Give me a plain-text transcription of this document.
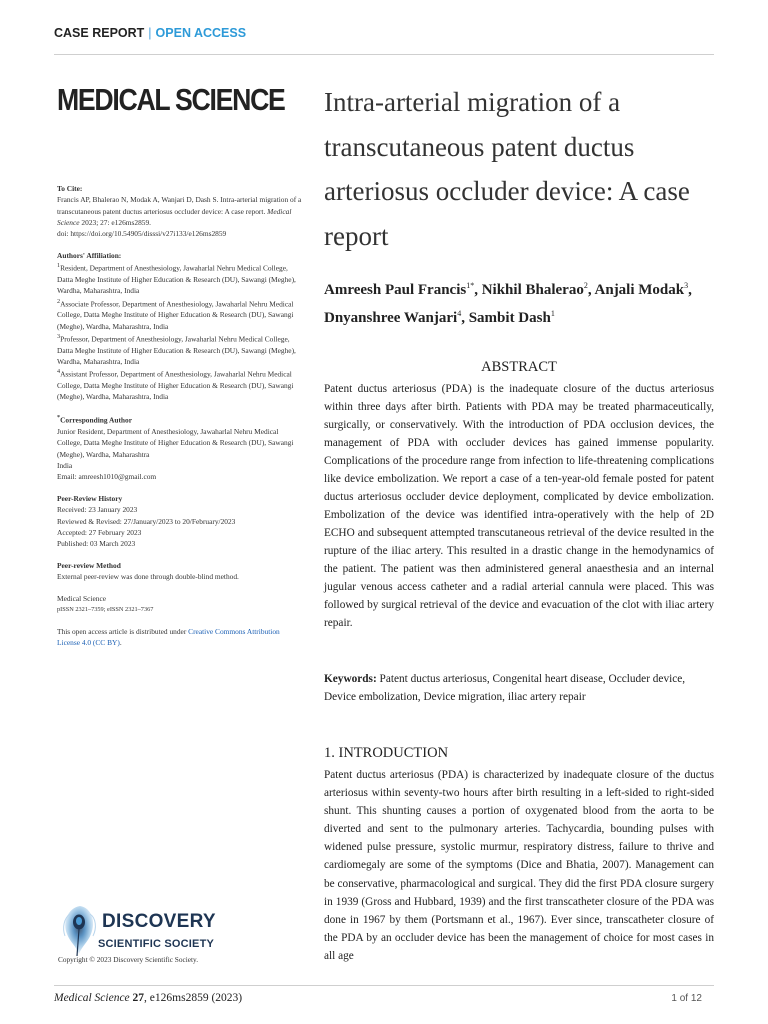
CASE REPORT | OPEN ACCESS
MEDICAL SCIENCE Intra-arterial migration of a transcutaneous patent ductus arteriosus occluder device: A case report
Amreesh Paul Francis$^{1*}$, Nikhil Bhalerao$^2$, Anjali Modak$^3$, Dnyanshree Wanjari$^4$, Sambit Dash$^1$

To Cite:

Francis AP, Bhalerao N, Modak A, Wanjari D, Dash S. Intra-arterial migration of a transcutaneous patent ductus arteriosus occluder device: A case report. Medical Science 2023; 27: e126ms2859.

doi: https://doi.org/10.54905/disssi/v27i133/e126ms2859

Authors' Affiliation:

$^1$Resident, Department of Anesthesiology, Jawaharlal Nehru Medical College, Datta Meghe Institute of Higher Education & Research (DU), Sawangi (Meghe), Wardha, Maharashtra, India

$^2$Associate Professor, Department of Anesthesiology, Jawaharlal Nehru Medical College, Datta Meghe Institute of Higher Education & Research (DU), Sawangi (Meghe), Wardha, Maharashtra, India

$^3$Professor, Department of Anesthesiology, Jawaharlal Nehru Medical College, Datta Meghe Institute of Higher Education & Research (DU), Sawangi (Meghe), Wardha, Maharashtra, India

$^4$Assistant Professor, Department of Anesthesiology, Jawaharlal Nehru Medical College, Datta Meghe Institute of Higher Education & Research (DU), Sawangi (Meghe), Wardha, Maharashtra, India

*Corresponding Author

Junior Resident, Department of Anesthesiology, Jawaharlal Nehru Medical College, Datta Meghe Institute of Higher Education & Research (DU), Sawangi (Meghe), Wardha, Maharashtra

India

Email: amreesh1010@gmail.com

Peer-Review History

Received: 23 January 2023

Reviewed & Revised: 27/January/2023 to 20/February/2023

Accepted: 27 February 2023

Published: 03 March 2023

Peer-review Method

External peer-review was done through double-blind method.

Medical Science

pISSN 2321–7359; eISSN 2321–7367

This open access article is distributed under Creative Commons Attribution License 4.0 (CC BY).

ABSTRACT

Patent ductus arteriosus (PDA) is the inadequate closure of the ductus arteriosus within three days after birth. Patients with PDA may be treated pharmaceutically, surgically, or conservatively. With the introduction of PDA occlusion devices, the management of PDA with occluder devices has gained immense popularity. Complications of the procedure range from infection to life-threatening complications like device embolization. We report a case of a ten-year-old female posted for patent ductus arteriosus occluder device deployment, complicated by device embolization. Embolization of the device was identified intra-operatively with the help of 2D ECHO and subsequent attempted transcutaneous retrieval of the device resulted in the rupture of the iliac artery. This resulted in a drastic change in the hemodynamics of the patient. The patient was then administered general anaesthesia and an internal jugular venous access catheter and a radial arterial cannula were placed. This was followed by surgical retrieval of the device and evacuation of the clot with iliac artery repair.

Keywords: Patent ductus arteriosus, Congenital heart disease, Occluder device, Device embolization, Device migration, iliac artery repair

1. INTRODUCTION

Patent ductus arteriosus (PDA) is characterized by inadequate closure of the ductus arteriosus within seventy-two hours after birth resulting in a left-sided to right-sided shunt. This shunting causes a portion of oxygenated blood from the aorta to be diverted and sent to the pulmonary arteries. Tachycardia, bounding pulses with widened pulse pressure, systolic murmur, respiratory distress, failure to thrive and cardiomegaly are some of the symptoms (Dice and Bhatia, 2007). Management can be conservative, pharmacological and surgical. They did the first PDA closure surgery in 1939 (Gross and Hubbard, 1939) and the first transcatheter closure of the PDA was done in 1967 by them (Portsmann et al., 1967). Ever since, transcatheter closure of the PDA by an occluder device has been the management of choice for most cases in all age

DISCOVERY
SCIENTIFIC SOCIETY
Copyright © 2023 Discovery Scientific Society.
Medical Science 27, e126ms2859 (2023)	1 of 12
